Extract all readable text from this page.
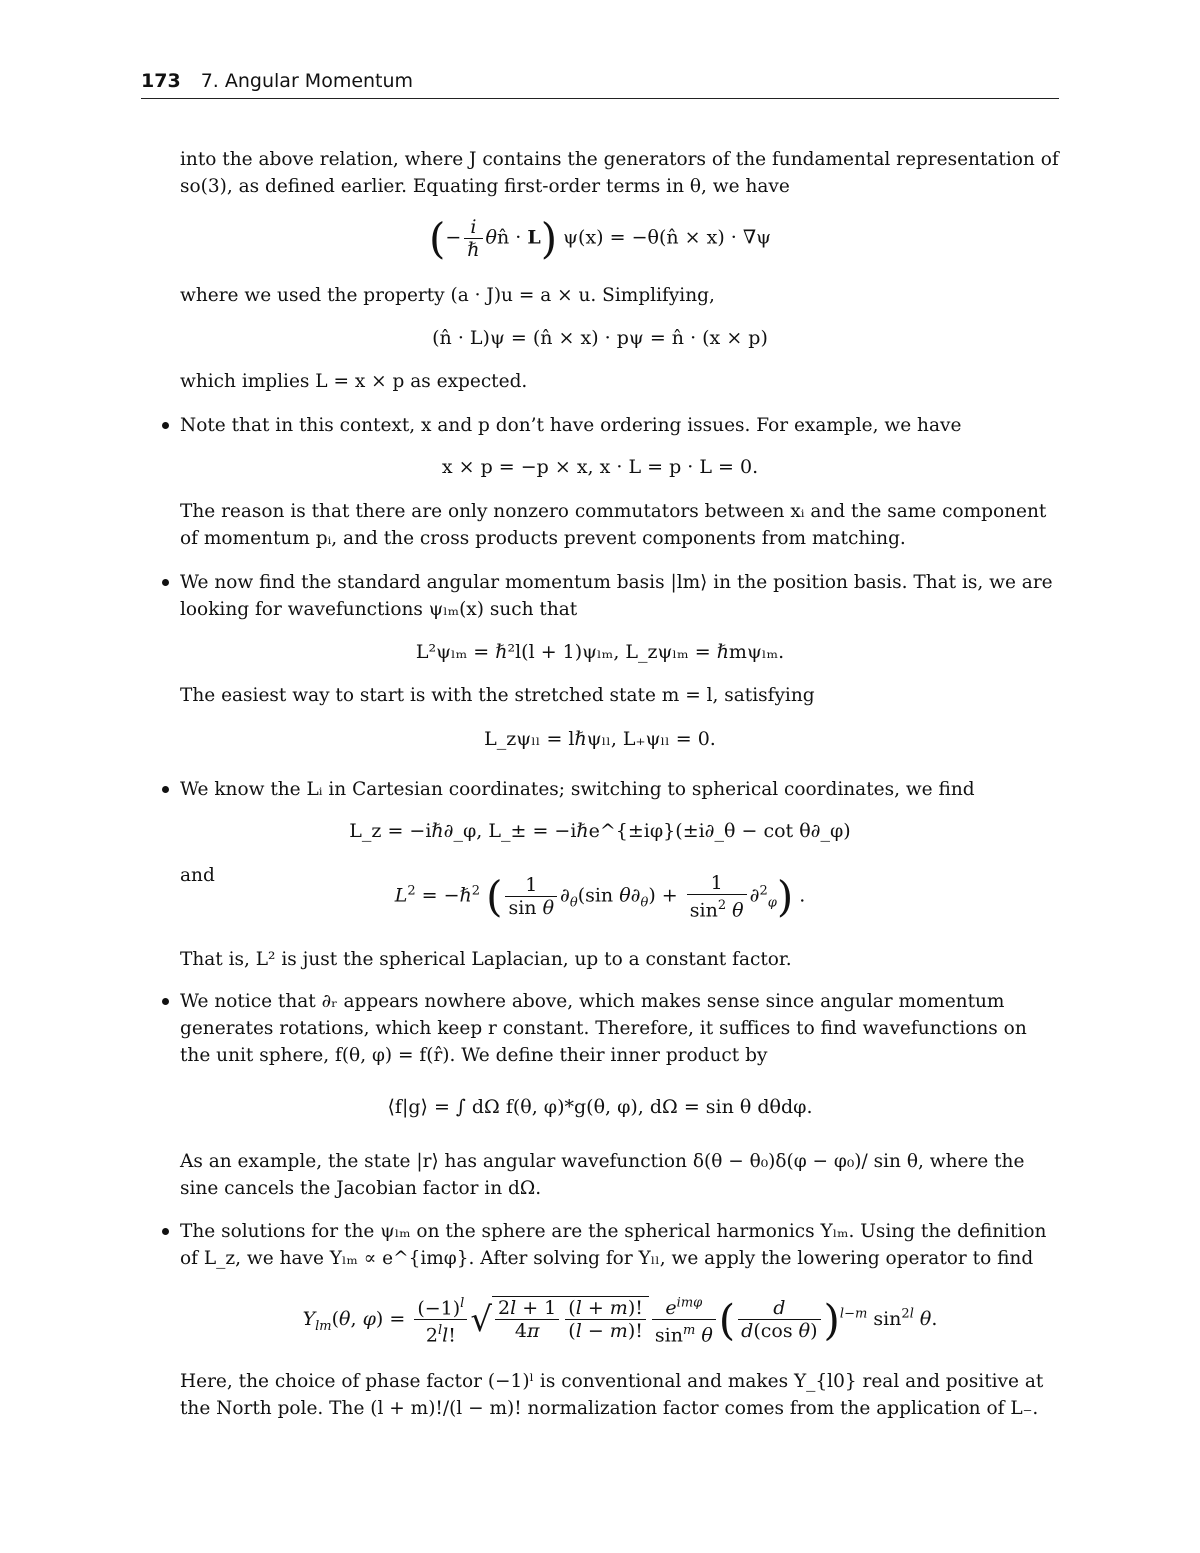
173 7. Angular Momentum

into the above relation, where J contains the generators of the fundamental representation of so(3), as defined earlier. Equating first-order terms in θ, we have

(− $\frac{i}{\text{ℏ}}$ θn̂ · L) ψ(x) = −θ(n̂ × x) · ∇ψ

where we used the property (a · J)u = a × u. Simplifying,

(n̂ · L)ψ = (n̂ × x) · pψ = n̂ · (x × p)

which implies L = x × p as expected.

Note that in this context, x and p don’t have ordering issues. For example, we have

x × p = −p × x, x · L = p · L = 0.

The reason is that there are only nonzero commutators between xᵢ and the same component of momentum pᵢ, and the cross products prevent components from matching.

We now find the standard angular momentum basis |lm⟩ in the position basis. That is, we are looking for wavefunctions ψₗₘ(x) such that

L²ψₗₘ = ℏ²l(l + 1)ψₗₘ, L_zψₗₘ = ℏmψₗₘ.

The easiest way to start is with the stretched state m = l, satisfying

L_zψₗₗ = lℏψₗₗ, L₊ψₗₗ = 0.

We know the Lᵢ in Cartesian coordinates; switching to spherical coordinates, we find

L_z = −iℏ∂_φ, L_± = −iℏe^{±iφ}(±i∂_θ − cot θ∂_φ)

and

$L^2$ = −ℏ$^2$ ( $\frac{1}{\text{sin θ}} \partial_\theta(\sin$ $\theta\partial_\theta) + \frac{1}{\sin^2 \theta} \partial^2_\varphi$) .

That is, L² is just the spherical Laplacian, up to a constant factor.

We notice that ∂ᵣ appears nowhere above, which makes sense since angular momentum generates rotations, which keep r constant. Therefore, it suffices to find wavefunctions on the unit sphere, f(θ, φ) = f(r̂). We define their inner product by

⟨f|g⟩ = ∫ dΩ f(θ, φ)*g(θ, φ), dΩ = sin θ dθdφ.

As an example, the state |r⟩ has angular wavefunction δ(θ − θ₀)δ(φ − φ₀)/ sin θ, where the sine cancels the Jacobian factor in dΩ.

The solutions for the ψₗₘ on the sphere are the spherical harmonics Yₗₘ. Using the definition of L_z, we have Yₗₘ ∝ e^{imφ}. After solving for Yₗₗ, we apply the lowering operator to find

$Y_{lm}(\theta$, $\varphi) = \frac{(-1)^l}{2^ll!}$ √ $\frac{2l + 1}{4\pi} \frac{(l + m)!}{(l - m)!} \frac{e^{im\varphi}}{\sin^m \theta}$ ( $\frac{d}{\text{d(cos θ)}} )^{l-m}$ $\sin^{2l} \theta$.

Here, the choice of phase factor (−1)ˡ is conventional and makes Y_{l0} real and positive at the North pole. The (l + m)!/(l − m)! normalization factor comes from the application of L₋.
